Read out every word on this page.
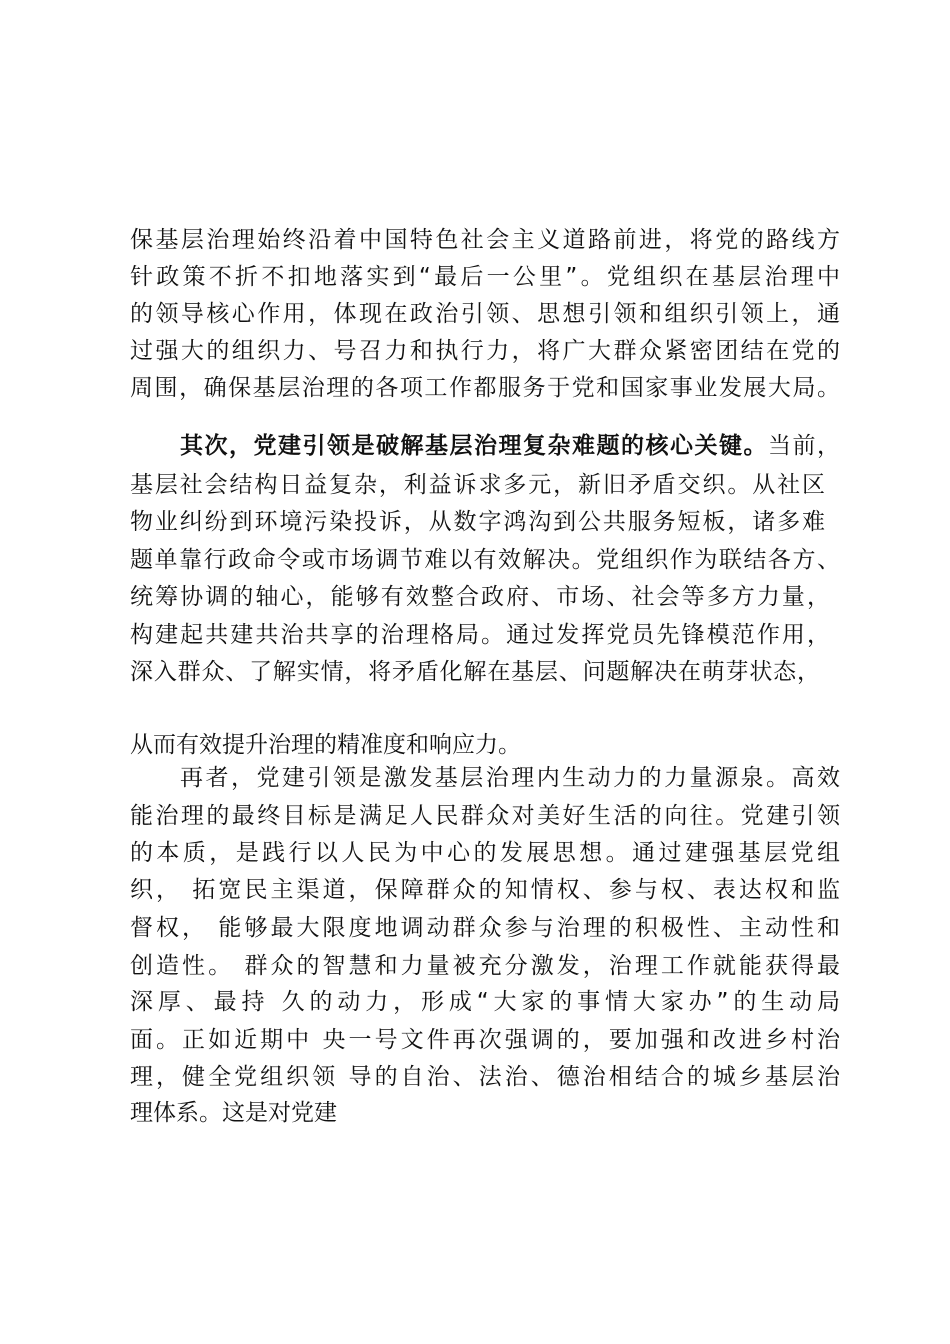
保基层治理始终沿着中国特色社会主义道路前进，将党的路线方
针政策不折不扣地落实到“最后一公里”。党组织在基层治理中
的领导核心作用，体现在政治引领、思想引领和组织引领上，通
过强大的组织力、号召力和执行力，将广大群众紧密团结在党的
周围，确保基层治理的各项工作都服务于党和国家事业发展大局。
其次，党建引领是破解基层治理复杂难题的核心关键。当前，
基层社会结构日益复杂，利益诉求多元，新旧矛盾交织。从社区
物业纠纷到环境污染投诉，从数字鸿沟到公共服务短板，诸多难
题单靠行政命令或市场调节难以有效解决。党组织作为联结各方、
统筹协调的轴心，能够有效整合政府、市场、社会等多方力量，
构建起共建共治共享的治理格局。通过发挥党员先锋模范作用，
深入群众、了解实情，将矛盾化解在基层、问题解决在萌芽状态，
从而有效提升治理的精准度和响应力。
再者，党建引领是激发基层治理内生动力的力量源泉。高效
能治理的最终目标是满足人民群众对美好生活的向往。党建引领
的本质，是践行以人民为中心的发展思想。通过建强基层党组
织， 拓宽民主渠道，保障群众的知情权、参与权、表达权和监
督权， 能够最大限度地调动群众参与治理的积极性、主动性和
创造性。 群众的智慧和力量被充分激发，治理工作就能获得最
深厚、最持 久的动力，形成“大家的事情大家办”的生动局
面。正如近期中 央一号文件再次强调的，要加强和改进乡村治
理，健全党组织领 导的自治、法治、德治相结合的城乡基层治
理体系。这是对党建
